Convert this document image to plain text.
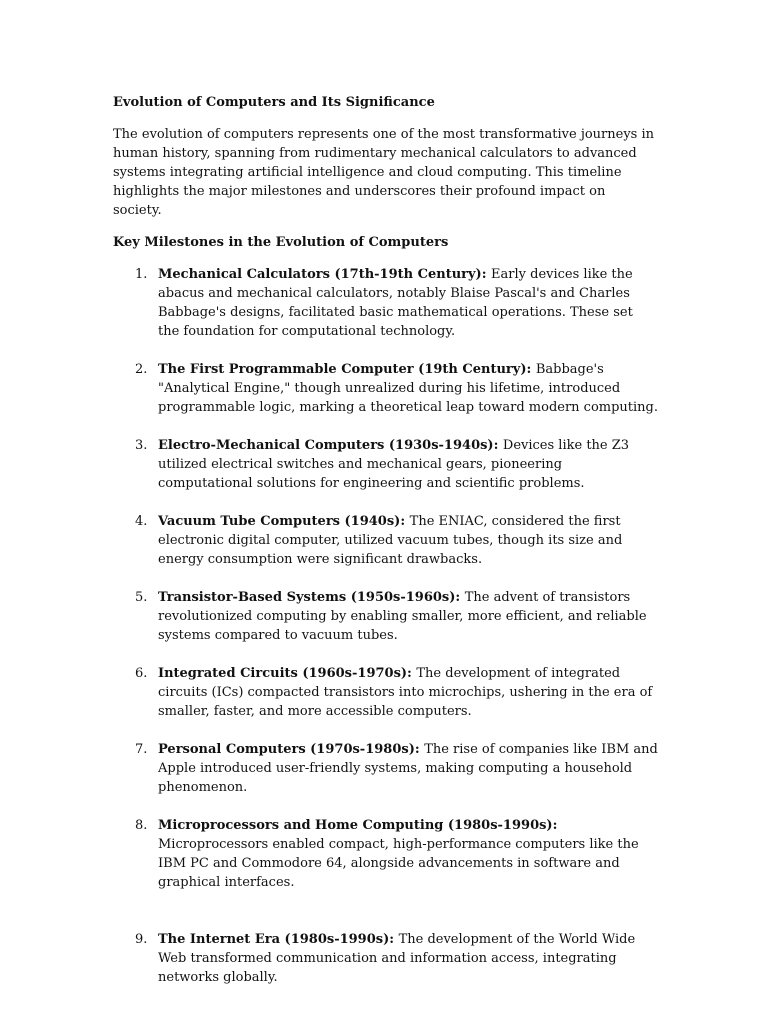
Evolution of Computers and Its Significance

The evolution of computers represents one of the most transformative journeys in human history, spanning from rudimentary mechanical calculators to advanced systems integrating artificial intelligence and cloud computing. This timeline highlights the major milestones and underscores their profound impact on society.

Key Milestones in the Evolution of Computers

1. Mechanical Calculators (17th-19th Century): Early devices like the abacus and mechanical calculators, notably Blaise Pascal's and Charles Babbage's designs, facilitated basic mathematical operations. These set the foundation for computational technology.
2. The First Programmable Computer (19th Century): Babbage's "Analytical Engine," though unrealized during his lifetime, introduced programmable logic, marking a theoretical leap toward modern computing.
3. Electro-Mechanical Computers (1930s-1940s): Devices like the Z3 utilized electrical switches and mechanical gears, pioneering computational solutions for engineering and scientific problems.
4. Vacuum Tube Computers (1940s): The ENIAC, considered the first electronic digital computer, utilized vacuum tubes, though its size and energy consumption were significant drawbacks.
5. Transistor-Based Systems (1950s-1960s): The advent of transistors revolutionized computing by enabling smaller, more efficient, and reliable systems compared to vacuum tubes.
6. Integrated Circuits (1960s-1970s): The development of integrated circuits (ICs) compacted transistors into microchips, ushering in the era of smaller, faster, and more accessible computers.
7. Personal Computers (1970s-1980s): The rise of companies like IBM and Apple introduced user-friendly systems, making computing a household phenomenon.
8. Microprocessors and Home Computing (1980s-1990s): Microprocessors enabled compact, high-performance computers like the IBM PC and Commodore 64, alongside advancements in software and graphical interfaces.
9. The Internet Era (1980s-1990s): The development of the World Wide Web transformed communication and information access, integrating networks globally.
